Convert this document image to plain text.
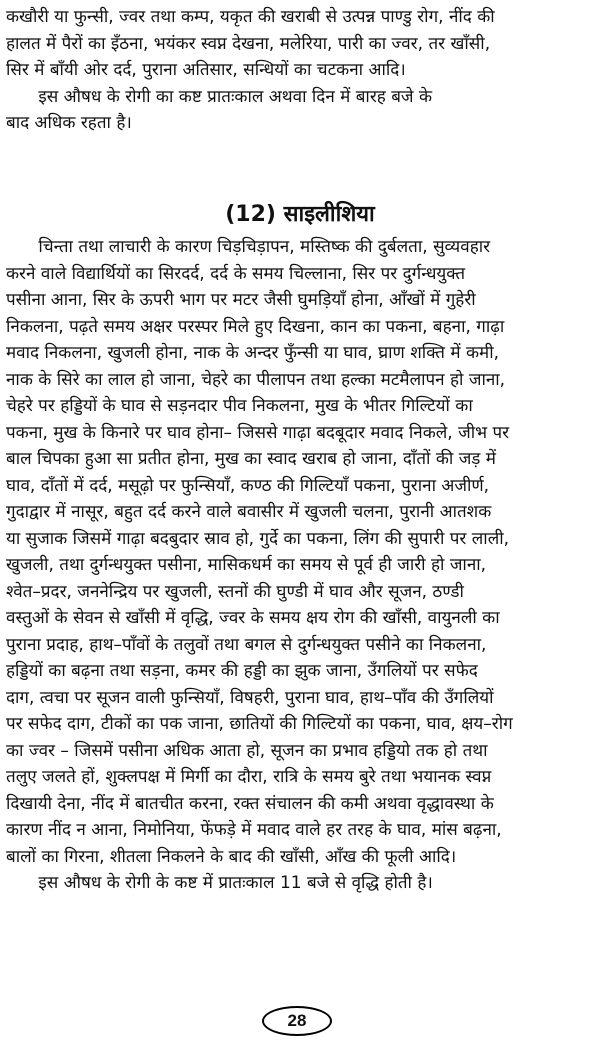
कखौरी या फुन्सी, ज्वर तथा कम्प, यकृत की खराबी से उत्पन्न पाण्डु रोग, नींद की
हालत में पैरों का इँठना, भयंकर स्वप्न देखना, मलेरिया, पारी का ज्वर, तर खाँसी,
सिर में बाँयी ओर दर्द, पुराना अतिसार, सन्धियों का चटकना आदि।
इस औषध के रोगी का कष्ट प्रातःकाल अथवा दिन में बारह बजे के
बाद अधिक रहता है।
(12) साइलीशिया
चिन्ता तथा लाचारी के कारण चिड़चिड़ापन, मस्तिष्क की दुर्बलता, सुव्यवहार
करने वाले विद्यार्थियों का सिरदर्द, दर्द के समय चिल्लाना, सिर पर दुर्गन्धयुक्त
पसीना आना, सिर के ऊपरी भाग पर मटर जैसी घुमड़ियाँ होना, आँखों में गुहेरी
निकलना, पढ़ते समय अक्षर परस्पर मिले हुए दिखना, कान का पकना, बहना, गाढ़ा
मवाद निकलना, खुजली होना, नाक के अन्दर फुँन्सी या घाव, घ्राण शक्ति में कमी,
नाक के सिरे का लाल हो जाना, चेहरे का पीलापन तथा हल्का मटमैलापन हो जाना,
चेहरे पर हड्डियों के घाव से सड़नदार पीव निकलना, मुख के भीतर गिल्टियों का
पकना, मुख के किनारे पर घाव होना– जिससे गाढ़ा बदबूदार मवाद निकले, जीभ पर
बाल चिपका हुआ सा प्रतीत होना, मुख का स्वाद खराब हो जाना, दाँतों की जड़ में
घाव, दाँतों में दर्द, मसूढ़ो पर फुन्सियाँ, कण्ठ की गिल्टियाँ पकना, पुराना अजीर्ण,
गुदाद्वार में नासूर, बहुत दर्द करने वाले बवासीर में खुजली चलना, पुरानी आतशक
या सुजाक जिसमें गाढ़ा बदबुदार स्राव हो, गुर्दे का पकना, लिंग की सुपारी पर लाली,
खुजली, तथा दुर्गन्धयुक्त पसीना, मासिकधर्म का समय से पूर्व ही जारी हो जाना,
श्वेत–प्रदर, जननेन्द्रिय पर खुजली, स्तनों की घुण्डी में घाव और सूजन, ठण्डी
वस्तुओं के सेवन से खाँसी में वृद्धि, ज्वर के समय क्षय रोग की खाँसी, वायुनली का
पुराना प्रदाह, हाथ–पाँवों के तलुवों तथा बगल से दुर्गन्धयुक्त पसीने का निकलना,
हड्डियों का बढ़ना तथा सड़ना, कमर की हड्डी का झुक जाना, उँगलियों पर सफेद
दाग, त्वचा पर सूजन वाली फुन्सियाँ, विषहरी, पुराना घाव, हाथ–पाँव की उँगलियों
पर सफेद दाग, टीकों का पक जाना, छातियों की गिल्टियों का पकना, घाव, क्षय–रोग
का ज्वर – जिसमें पसीना अधिक आता हो, सूजन का प्रभाव हड्डियो तक हो तथा
तलुए जलते हों, शुक्लपक्ष में मिर्गी का दौरा, रात्रि के समय बुरे तथा भयानक स्वप्न
दिखायी देना, नींद में बातचीत करना, रक्त संचालन की कमी अथवा वृद्धावस्था के
कारण नींद न आना, निमोनिया, फेंफड़े में मवाद वाले हर तरह के घाव, मांस बढ़ना,
बालों का गिरना, शीतला निकलने के बाद की खाँसी, आँख की फूली आदि।
इस औषध के रोगी के कष्ट में प्रातःकाल 11 बजे से वृद्धि होती है।
28
